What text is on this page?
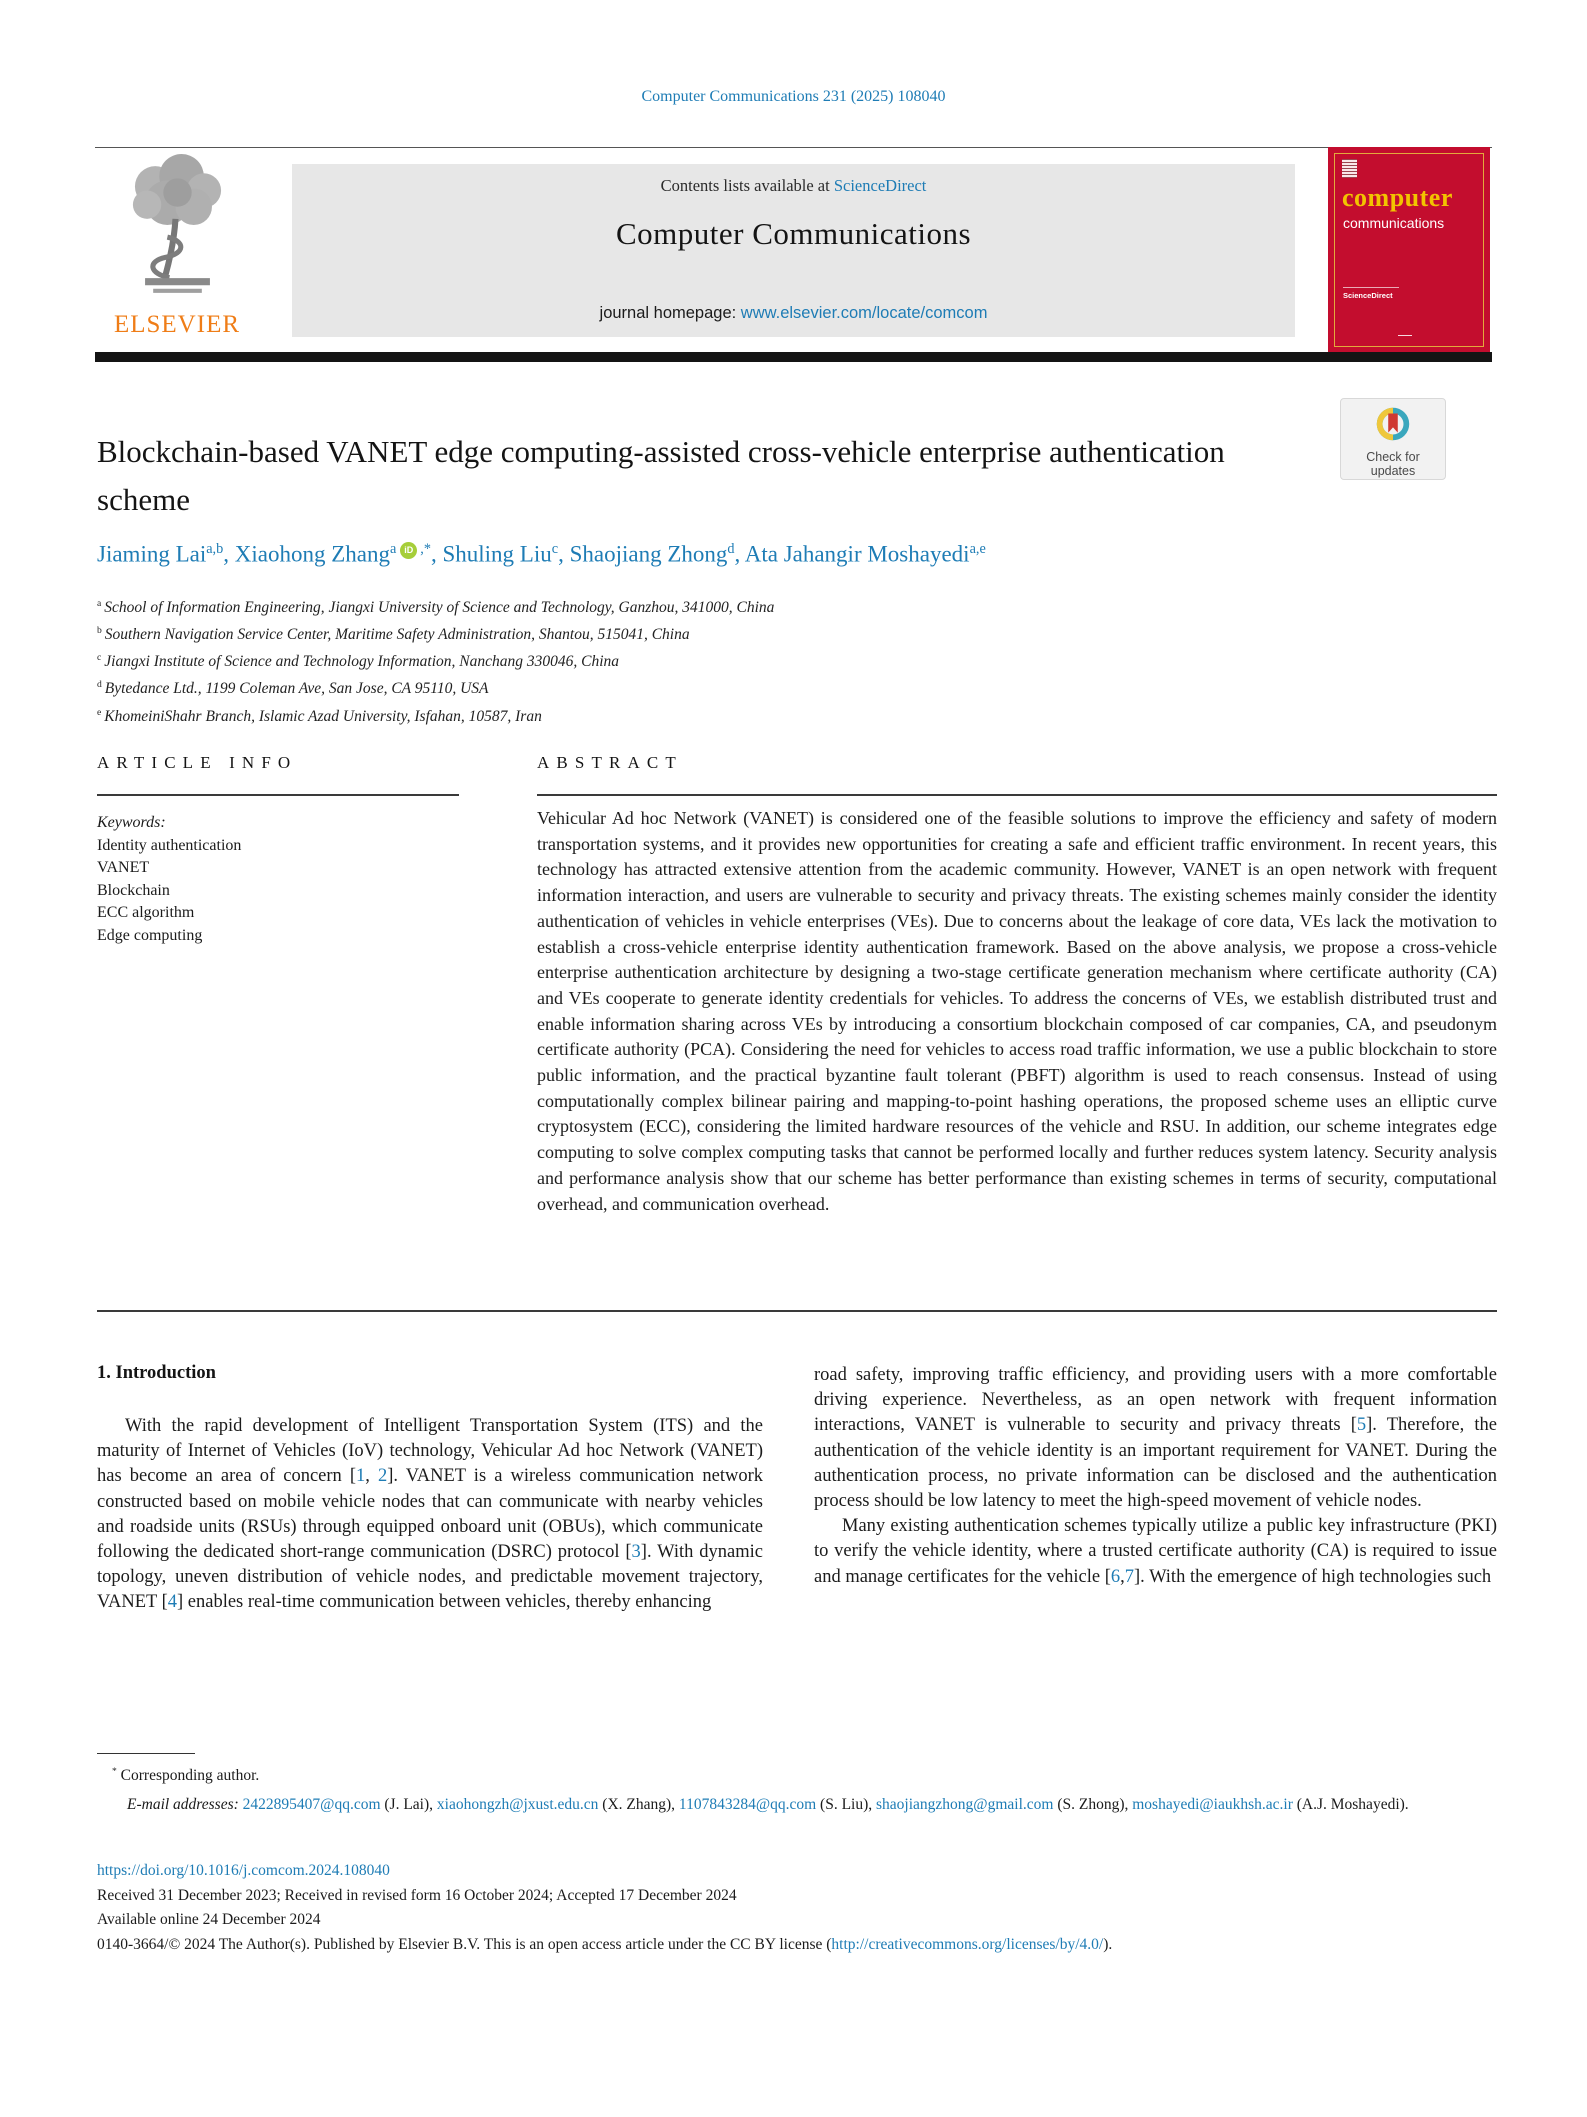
Computer Communications 231 (2025) 108040
ELSEVIER
Contents lists available at ScienceDirect
Computer Communications
journal homepage: www.elsevier.com/locate/comcom
computer
communications
ScienceDirect
Check for
updates
Blockchain-based VANET edge computing-assisted cross-vehicle enterprise authentication scheme
Jiaming Lai$^{a,b}$, Xiaohong Zhang$^a$ iD ,*, Shuling Liu$^c$, Shaojiang Zhong$^d$, Ata Jahangir Moshayedi$^{a,e}$
$^a$ School of Information Engineering, Jiangxi University of Science and Technology, Ganzhou, 341000, China
$^b$ Southern Navigation Service Center, Maritime Safety Administration, Shantou, 515041, China
$^c$ Jiangxi Institute of Science and Technology Information, Nanchang 330046, China
$^d$ Bytedance Ltd., 1199 Coleman Ave, San Jose, CA 95110, USA
$^e$ KhomeiniShahr Branch, Islamic Azad University, Isfahan, 10587, Iran
ARTICLE INFO	ABSTRACT
Keywords:
Identity authentication
VANET
Blockchain
ECC algorithm
Edge computing
Vehicular Ad hoc Network (VANET) is considered one of the feasible solutions to improve the efficiency and safety of modern transportation systems, and it provides new opportunities for creating a safe and efficient traffic environment. In recent years, this technology has attracted extensive attention from the academic community. However, VANET is an open network with frequent information interaction, and users are vulnerable to security and privacy threats. The existing schemes mainly consider the identity authentication of vehicles in vehicle enterprises (VEs). Due to concerns about the leakage of core data, VEs lack the motivation to establish a cross-vehicle enterprise identity authentication framework. Based on the above analysis, we propose a cross-vehicle enterprise authentication architecture by designing a two-stage certificate generation mechanism where certificate authority (CA) and VEs cooperate to generate identity credentials for vehicles. To address the concerns of VEs, we establish distributed trust and enable information sharing across VEs by introducing a consortium blockchain composed of car companies, CA, and pseudonym certificate authority (PCA). Considering the need for vehicles to access road traffic information, we use a public blockchain to store public information, and the practical byzantine fault tolerant (PBFT) algorithm is used to reach consensus. Instead of using computationally complex bilinear pairing and mapping-to-point hashing operations, the proposed scheme uses an elliptic curve cryptosystem (ECC), considering the limited hardware resources of the vehicle and RSU. In addition, our scheme integrates edge computing to solve complex computing tasks that cannot be performed locally and further reduces system latency. Security analysis and performance analysis show that our scheme has better performance than existing schemes in terms of security, computational overhead, and communication overhead.
1. Introduction
With the rapid development of Intelligent Transportation System (ITS) and the maturity of Internet of Vehicles (IoV) technology, Vehicular Ad hoc Network (VANET) has become an area of concern [1, 2]. VANET is a wireless communication network constructed based on mobile vehicle nodes that can communicate with nearby vehicles and roadside units (RSUs) through equipped onboard unit (OBUs), which communicate following the dedicated short-range communication (DSRC) protocol [3]. With dynamic topology, uneven distribution of vehicle nodes, and predictable movement trajectory, VANET [4] enables real-time communication between vehicles, thereby enhancing
road safety, improving traffic efficiency, and providing users with a more comfortable driving experience. Nevertheless, as an open network with frequent information interactions, VANET is vulnerable to security and privacy threats [5]. Therefore, the authentication of the vehicle identity is an important requirement for VANET. During the authentication process, no private information can be disclosed and the authentication process should be low latency to meet the high-speed movement of vehicle nodes.
Many existing authentication schemes typically utilize a public key infrastructure (PKI) to verify the vehicle identity, where a trusted certificate authority (CA) is required to issue and manage certificates for the vehicle [6,7]. With the emergence of high technologies such
* Corresponding author.
E-mail addresses: 2422895407@qq.com (J. Lai), xiaohongzh@jxust.edu.cn (X. Zhang), 1107843284@qq.com (S. Liu), shaojiangzhong@gmail.com (S. Zhong), moshayedi@iaukhsh.ac.ir (A.J. Moshayedi).
https://doi.org/10.1016/j.comcom.2024.108040
Received 31 December 2023; Received in revised form 16 October 2024; Accepted 17 December 2024
Available online 24 December 2024
0140-3664/© 2024 The Author(s). Published by Elsevier B.V. This is an open access article under the CC BY license (http://creativecommons.org/licenses/by/4.0/).
